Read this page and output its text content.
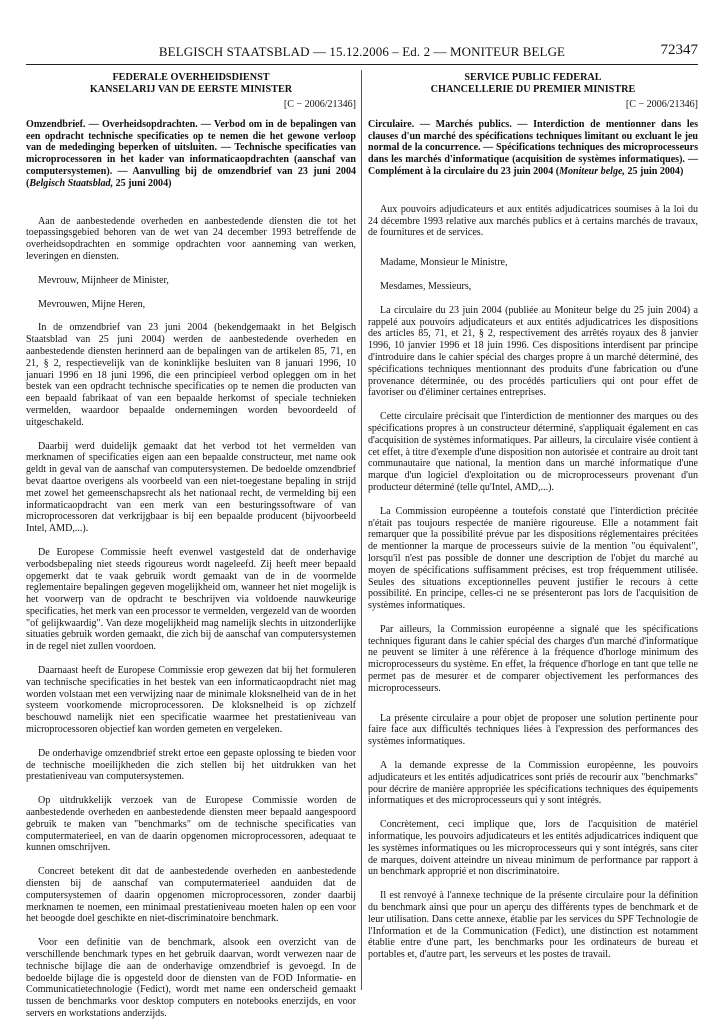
BELGISCH STAATSBLAD — 15.12.2006 – Ed. 2 — MONITEUR BELGE	72347
FEDERALE OVERHEIDSDIENST
KANSELARIJ VAN DE EERSTE MINISTER
[C − 2006/21346]
Omzendbrief. — Overheidsopdrachten. — Verbod om in de bepalingen van een opdracht technische specificaties op te nemen die het gewone verloop van de mededinging beperken of uitsluiten. — Technische specificaties van microprocessoren in het kader van informaticaopdrachten (aanschaf van computersystemen). — Aanvulling bij de omzendbrief van 23 juni 2004 (Belgisch Staatsblad, 25 juni 2004)

Aan de aanbestedende overheden en aanbestedende diensten die tot het toepassingsgebied behoren van de wet van 24 december 1993 betreffende de overheidsopdrachten en sommige opdrachten voor aanneming van werken, leveringen en diensten.

Mevrouw, Mijnheer de Minister,

Mevrouwen, Mijne Heren,

In de omzendbrief van 23 juni 2004 (bekendgemaakt in het Belgisch Staatsblad van 25 juni 2004) werden de aanbestedende overheden en aanbestedende diensten herinnerd aan de bepalingen van de artikelen 85, 71, en 21, § 2, respectievelijk van de koninklijke besluiten van 8 januari 1996, 10 januari 1996 en 18 juni 1996, die een principieel verbod opleggen om in het bestek van een opdracht technische specificaties op te nemen die producten van een bepaald fabrikaat of van een bepaalde herkomst of speciale technieken vermelden, waardoor bepaalde ondernemingen worden bevoordeeld of uitgeschakeld.

Daarbij werd duidelijk gemaakt dat het verbod tot het vermelden van merknamen of specificaties eigen aan een bepaalde constructeur, met name ook geldt in geval van de aanschaf van computersystemen. De bedoelde omzendbrief bevat daartoe overigens als voorbeeld van een niet-toegestane bepaling in strijd met zowel het gemeenschapsrecht als het nationaal recht, de vermelding bij een informaticaopdracht van een merk van een besturingssoftware of van microprocessoren dat verkrijgbaar is bij een bepaalde producent (bijvoorbeeld Intel, AMD,...).

De Europese Commissie heeft evenwel vastgesteld dat de onderhavige verbodsbepaling niet steeds rigoureus wordt nageleefd. Zij heeft meer bepaald opgemerkt dat te vaak gebruik wordt gemaakt van de in de voormelde reglementaire bepalingen gegeven mogelijkheid om, wanneer het niet mogelijk is het voorwerp van de opdracht te beschrijven via voldoende nauwkeurige specificaties, het merk van een processor te vermelden, vergezeld van de woorden "of gelijkwaardig". Van deze mogelijkheid mag namelijk slechts in uitzonderlijke situaties gebruik worden gemaakt, die zich bij de aanschaf van computersystemen in de regel niet zullen voordoen.

Daarnaast heeft de Europese Commissie erop gewezen dat bij het formuleren van technische specificaties in het bestek van een informaticaopdracht niet mag worden volstaan met een verwijzing naar de minimale kloksnelheid van de in het systeem voorkomende microprocessoren. De kloksnelheid is op zichzelf beschouwd namelijk niet een specificatie waarmee het prestatieniveau van microprocessoren objectief kan worden gemeten en vergeleken.

De onderhavige omzendbrief strekt ertoe een gepaste oplossing te bieden voor de technische moeilijkheden die zich stellen bij het uitdrukken van het prestatieniveau van computersystemen.

Op uitdrukkelijk verzoek van de Europese Commissie worden de aanbestedende overheden en aanbestedende diensten meer bepaald aangespoord gebruik te maken van "benchmarks" om de technische specificaties van computermaterieel, en van de daarin opgenomen microprocessoren, adequaat te kunnen omschrijven.

Concreet betekent dit dat de aanbestedende overheden en aanbestedende diensten bij de aanschaf van computermaterieel aanduiden dat de computersystemen of daarin opgenomen microprocessoren, zonder daarbij merknamen te noemen, een minimaal prestatieniveau moeten halen op een voor het beoogde doel geschikte en niet-discriminatoire benchmark.

Voor een definitie van de benchmark, alsook een overzicht van de verschillende benchmark types en het gebruik daarvan, wordt verwezen naar de technische bijlage die aan de onderhavige omzendbrief is gevoegd. In de bedoelde bijlage die is opgesteld door de diensten van de FOD Informatie- en Communicatietechnologie (Fedict), wordt met name een onderscheid gemaakt tussen de benchmarks voor desktop computers en notebooks enerzijds, en voor servers en workstations anderzijds.

SERVICE PUBLIC FEDERAL
CHANCELLERIE DU PREMIER MINISTRE
[C − 2006/21346]
Circulaire. — Marchés publics. — Interdiction de mentionner dans les clauses d'un marché des spécifications techniques limitant ou excluant le jeu normal de la concurrence. — Spécifications techniques des microprocesseurs dans les marchés d'informatique (acquisition de systèmes informatiques). — Complément à la circulaire du 23 juin 2004 (Moniteur belge, 25 juin 2004)

Aux pouvoirs adjudicateurs et aux entités adjudicatrices soumises à la loi du 24 décembre 1993 relative aux marchés publics et à certains marchés de travaux, de fournitures et de services.

Madame, Monsieur le Ministre,

Mesdames, Messieurs,

La circulaire du 23 juin 2004 (publiée au Moniteur belge du 25 juin 2004) a rappelé aux pouvoirs adjudicateurs et aux entités adjudicatrices les dispositions des articles 85, 71, et 21, § 2, respectivement des arrêtés royaux des 8 janvier 1996, 10 janvier 1996 et 18 juin 1996. Ces dispositions interdisent par principe d'introduire dans le cahier spécial des charges propre à un marché déterminé, des spécifications techniques mentionnant des produits d'une fabrication ou d'une provenance déterminée, ou des procédés particuliers qui ont pour effet de favoriser ou d'éliminer certaines entreprises.

Cette circulaire précisait que l'interdiction de mentionner des marques ou des spécifications propres à un constructeur déterminé, s'appliquait également en cas d'acquisition de systèmes informatiques. Par ailleurs, la circulaire visée contient à cet effet, à titre d'exemple d'une disposition non autorisée et contraire au droit tant communautaire que national, la mention dans un marché informatique d'une marque d'un logiciel d'exploitation ou de microprocesseurs provenant d'un producteur déterminé (telle qu'Intel, AMD,...).

La Commission européenne a toutefois constaté que l'interdiction précitée n'était pas toujours respectée de manière rigoureuse. Elle a notamment fait remarquer que la possibilité prévue par les dispositions réglementaires précitées de mentionner la marque de processeurs suivie de la mention "ou équivalent", lorsqu'il n'est pas possible de donner une description de l'objet du marché au moyen de spécifications suffisamment précises, est trop fréquemment utilisée. Seules des situations exceptionnelles peuvent justifier le recours à cette possibilité. En principe, celles-ci ne se présenteront pas lors de l'acquisition de systèmes informatiques.

Par ailleurs, la Commission européenne a signalé que les spécifications techniques figurant dans le cahier spécial des charges d'un marché d'informatique ne peuvent se limiter à une référence à la fréquence d'horloge minimum des microprocesseurs du système. En effet, la fréquence d'horloge en tant que telle ne permet pas de mesurer et de comparer objectivement les performances des microprocesseurs.

La présente circulaire a pour objet de proposer une solution pertinente pour faire face aux difficultés techniques liées à l'expression des performances des systèmes informatiques.

A la demande expresse de la Commission européenne, les pouvoirs adjudicateurs et les entités adjudicatrices sont priés de recourir aux "benchmarks" pour décrire de manière appropriée les spécifications techniques des équipements informatiques et des microprocesseurs qui y sont intégrés.

Concrètement, ceci implique que, lors de l'acquisition de matériel informatique, les pouvoirs adjudicateurs et les entités adjudicatrices indiquent que les systèmes informatiques ou les microprocesseurs qui y sont intégrés, sans citer de marques, doivent atteindre un niveau minimum de performance par rapport à un benchmark approprié et non discriminatoire.

Il est renvoyé à l'annexe technique de la présente circulaire pour la définition du benchmark ainsi que pour un aperçu des différents types de benchmark et de leur utilisation. Dans cette annexe, établie par les services du SPF Technologie de l'Information et de la Communication (Fedict), une distinction est notamment établie entre d'une part, les benchmarks pour les ordinateurs de bureau et portables et, d'autre part, les serveurs et les postes de travail.
